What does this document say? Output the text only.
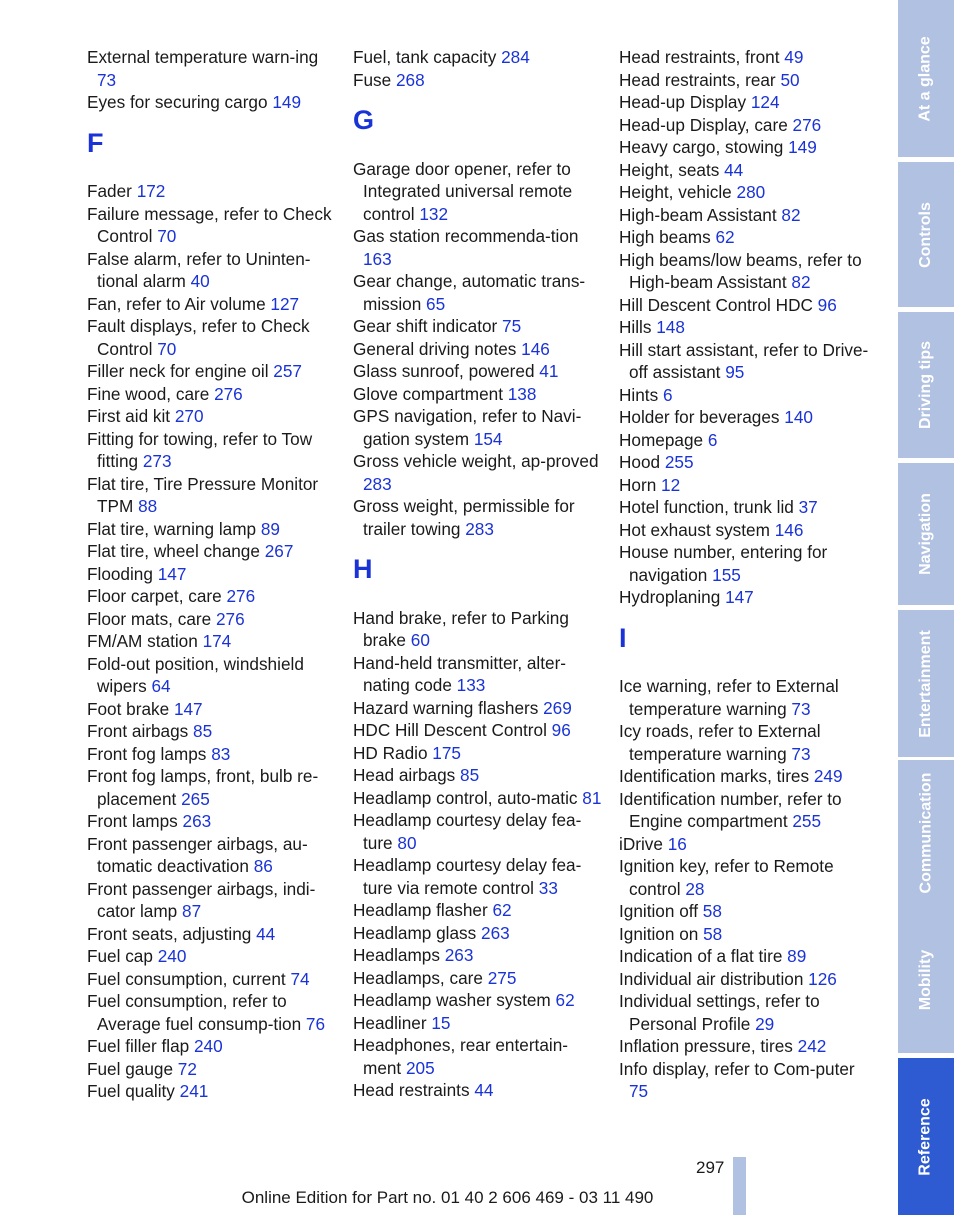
External temperature warn-ing 73
Eyes for securing cargo 149
F
Fader 172
Failure message, refer to Check Control 70
False alarm, refer to Uninten-tional alarm 40
Fan, refer to Air volume 127
Fault displays, refer to Check Control 70
Filler neck for engine oil 257
Fine wood, care 276
First aid kit 270
Fitting for towing, refer to Tow fitting 273
Flat tire, Tire Pressure Monitor TPM 88
Flat tire, warning lamp 89
Flat tire, wheel change 267
Flooding 147
Floor carpet, care 276
Floor mats, care 276
FM/AM station 174
Fold-out position, windshield wipers 64
Foot brake 147
Front airbags 85
Front fog lamps 83
Front fog lamps, front, bulb re-placement 265
Front lamps 263
Front passenger airbags, au-tomatic deactivation 86
Front passenger airbags, indi-cator lamp 87
Front seats, adjusting 44
Fuel cap 240
Fuel consumption, current 74
Fuel consumption, refer to Average fuel consump-tion 76
Fuel filler flap 240
Fuel gauge 72
Fuel quality 241
Fuel, tank capacity 284
Fuse 268
G
Garage door opener, refer to Integrated universal remote control 132
Gas station recommenda-tion 163
Gear change, automatic trans-mission 65
Gear shift indicator 75
General driving notes 146
Glass sunroof, powered 41
Glove compartment 138
GPS navigation, refer to Navi-gation system 154
Gross vehicle weight, ap-proved 283
Gross weight, permissible for trailer towing 283
H
Hand brake, refer to Parking brake 60
Hand-held transmitter, alter-nating code 133
Hazard warning flashers 269
HDC Hill Descent Control 96
HD Radio 175
Head airbags 85
Headlamp control, auto-matic 81
Headlamp courtesy delay fea-ture 80
Headlamp courtesy delay fea-ture via remote control 33
Headlamp flasher 62
Headlamp glass 263
Headlamps 263
Headlamps, care 275
Headlamp washer system 62
Headliner 15
Headphones, rear entertain-ment 205
Head restraints 44
Head restraints, front 49
Head restraints, rear 50
Head-up Display 124
Head-up Display, care 276
Heavy cargo, stowing 149
Height, seats 44
Height, vehicle 280
High-beam Assistant 82
High beams 62
High beams/low beams, refer to High-beam Assistant 82
Hill Descent Control HDC 96
Hills 148
Hill start assistant, refer to Drive-off assistant 95
Hints 6
Holder for beverages 140
Homepage 6
Hood 255
Horn 12
Hotel function, trunk lid 37
Hot exhaust system 146
House number, entering for navigation 155
Hydroplaning 147
I
Ice warning, refer to External temperature warning 73
Icy roads, refer to External temperature warning 73
Identification marks, tires 249
Identification number, refer to Engine compartment 255
iDrive 16
Ignition key, refer to Remote control 28
Ignition off 58
Ignition on 58
Indication of a flat tire 89
Individual air distribution 126
Individual settings, refer to Personal Profile 29
Inflation pressure, tires 242
Info display, refer to Com-puter 75
At a glance
Controls
Driving tips
Navigation
Entertainment
Communication
Mobility
Reference
297
Online Edition for Part no. 01 40 2 606 469 - 03 11 490
